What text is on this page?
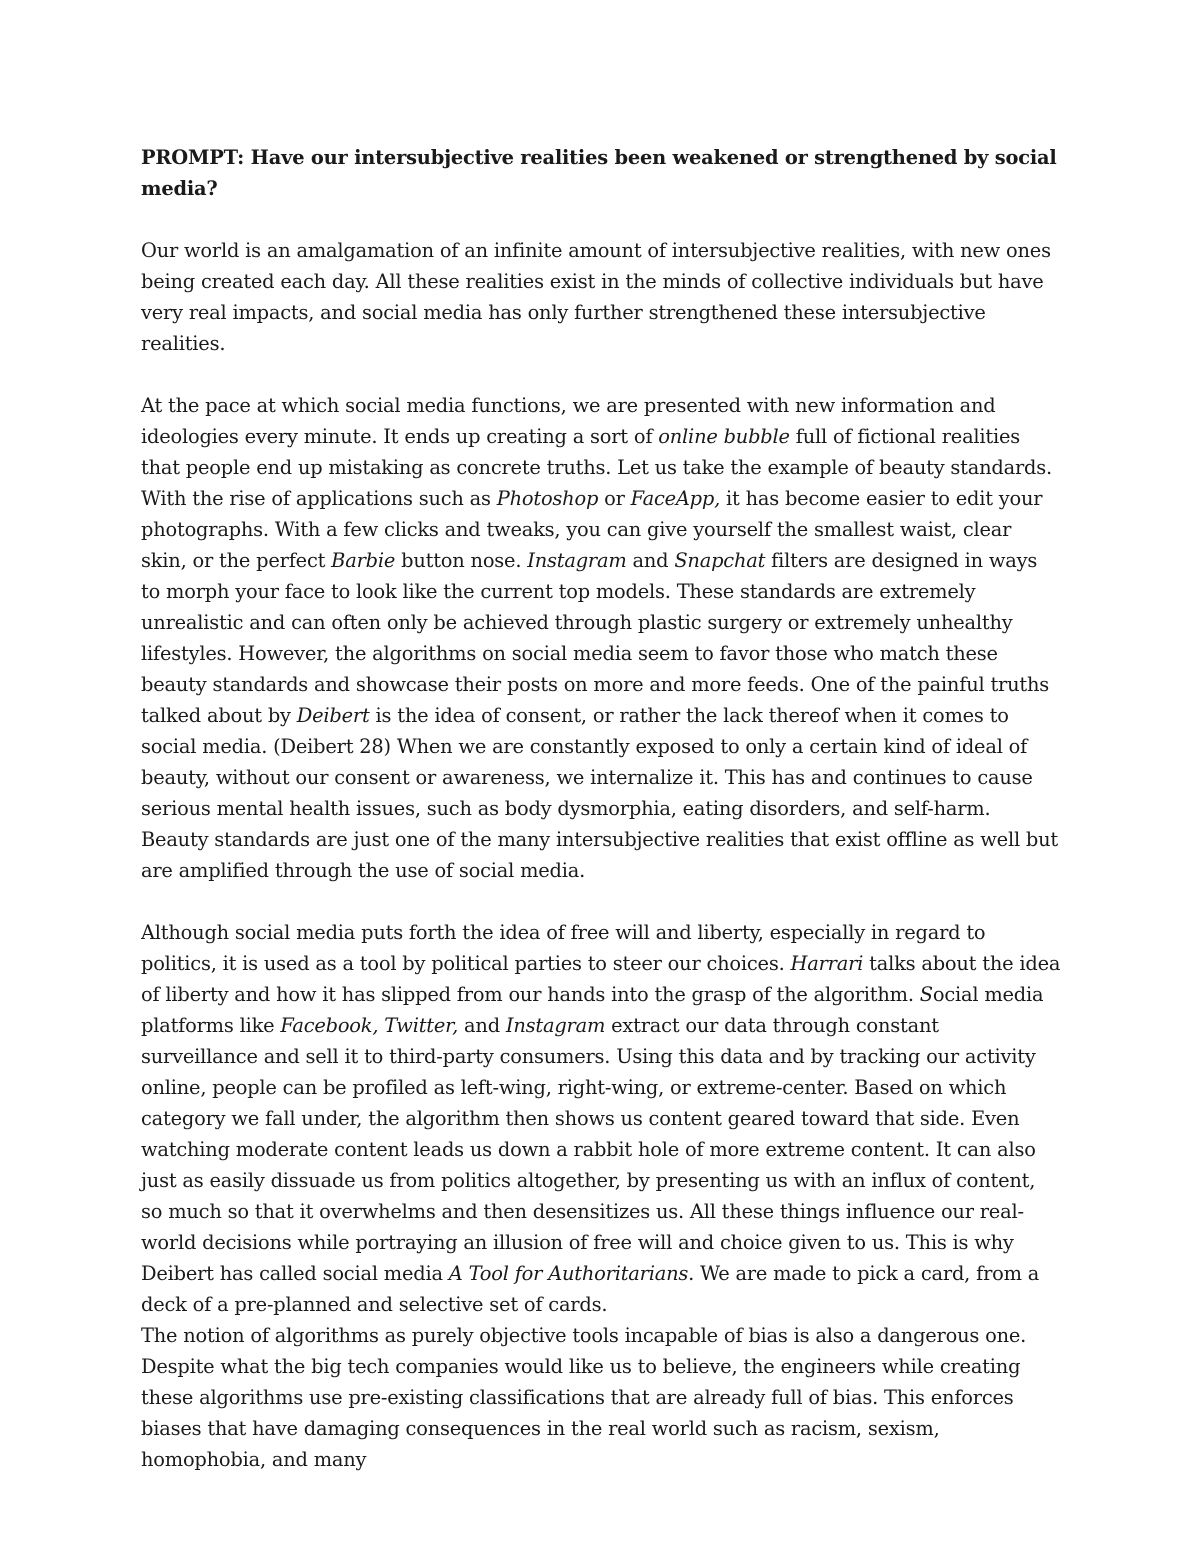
PROMPT: Have our intersubjective realities been weakened or strengthened by social media?

Our world is an amalgamation of an infinite amount of intersubjective realities, with new ones being created each day. All these realities exist in the minds of collective individuals but have very real impacts, and social media has only further strengthened these intersubjective realities.

At the pace at which social media functions, we are presented with new information and ideologies every minute. It ends up creating a sort of online bubble full of fictional realities that people end up mistaking as concrete truths. Let us take the example of beauty standards. With the rise of applications such as Photoshop or FaceApp, it has become easier to edit your photographs. With a few clicks and tweaks, you can give yourself the smallest waist, clear skin, or the perfect Barbie button nose. Instagram and Snapchat filters are designed in ways to morph your face to look like the current top models. These standards are extremely unrealistic and can often only be achieved through plastic surgery or extremely unhealthy lifestyles. However, the algorithms on social media seem to favor those who match these beauty standards and showcase their posts on more and more feeds. One of the painful truths talked about by Deibert is the idea of consent, or rather the lack thereof when it comes to social media. (Deibert 28) When we are constantly exposed to only a certain kind of ideal of beauty, without our consent or awareness, we internalize it. This has and continues to cause serious mental health issues, such as body dysmorphia, eating disorders, and self-harm. Beauty standards are just one of the many intersubjective realities that exist offline as well but are amplified through the use of social media.

Although social media puts forth the idea of free will and liberty, especially in regard to politics, it is used as a tool by political parties to steer our choices. Harrari talks about the idea of liberty and how it has slipped from our hands into the grasp of the algorithm. Social media platforms like Facebook, Twitter, and Instagram extract our data through constant surveillance and sell it to third-party consumers. Using this data and by tracking our activity online, people can be profiled as left-wing, right-wing, or extreme-center. Based on which category we fall under, the algorithm then shows us content geared toward that side. Even watching moderate content leads us down a rabbit hole of more extreme content. It can also just as easily dissuade us from politics altogether, by presenting us with an influx of content, so much so that it overwhelms and then desensitizes us. All these things influence our real-world decisions while portraying an illusion of free will and choice given to us. This is why Deibert has called social media A Tool for Authoritarians. We are made to pick a card, from a deck of a pre-planned and selective set of cards.

The notion of algorithms as purely objective tools incapable of bias is also a dangerous one. Despite what the big tech companies would like us to believe, the engineers while creating these algorithms use pre-existing classifications that are already full of bias. This enforces biases that have damaging consequences in the real world such as racism, sexism, homophobia, and many
